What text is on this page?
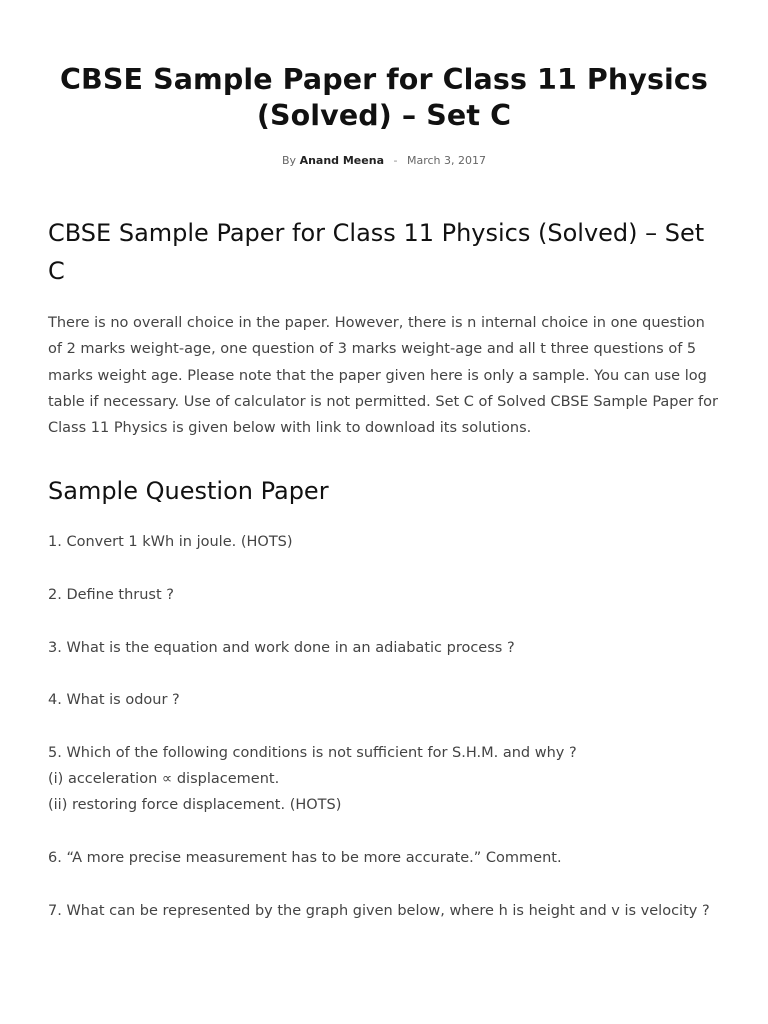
CBSE Sample Paper for Class 11 Physics (Solved) – Set C
By Anand Meena - March 3, 2017
CBSE Sample Paper for Class 11 Physics (Solved) – Set C

There is no overall choice in the paper. However, there is n internal choice in one question of 2 marks weight-age, one question of 3 marks weight-age and all t three questions of 5 marks weight age. Please note that the paper given here is only a sample. You can use log table if necessary. Use of calculator is not permitted. Set C of Solved CBSE Sample Paper for Class 11 Physics is given below with link to download its solutions.

Sample Question Paper

1. Convert 1 kWh in joule. (HOTS)

2. Define thrust ?

3. What is the equation and work done in an adiabatic process ?

4. What is odour ?

5. Which of the following conditions is not sufficient for S.H.M. and why ?
(i) acceleration ∝ displacement.
(ii) restoring force displacement. (HOTS)

6. “A more precise measurement has to be more accurate.” Comment.

7. What can be represented by the graph given below, where h is height and v is velocity ?
